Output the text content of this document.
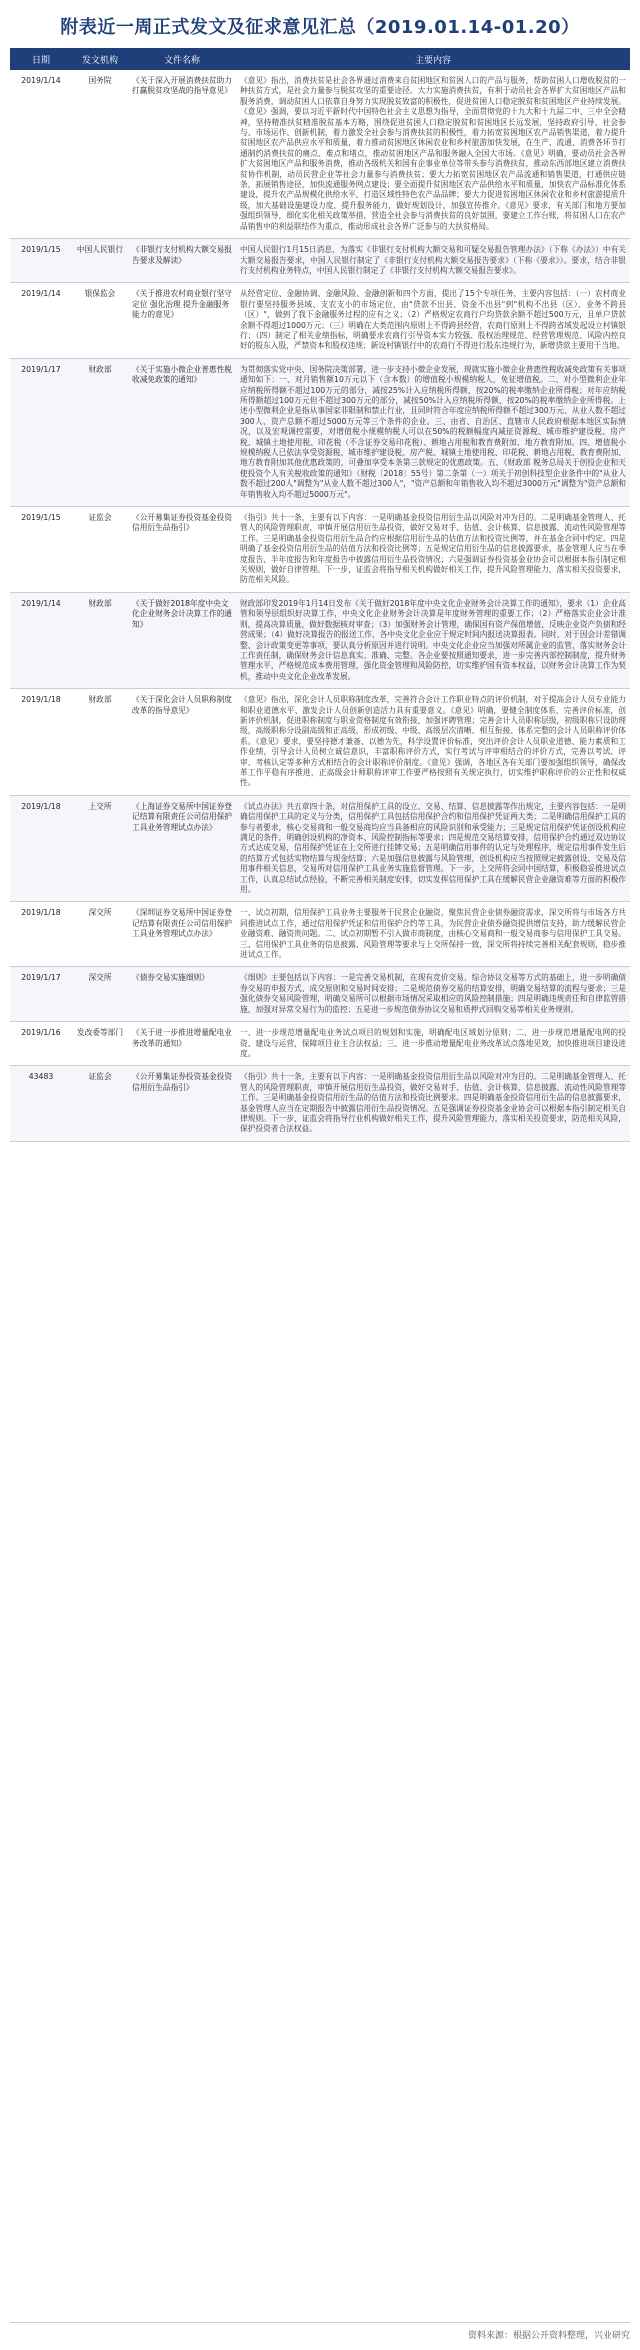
附表近一周正式发文及征求意见汇总（2019.01.14-01.20）
日期	发文机构	文件名称	主要内容
2019/1/14	国务院	《关于深入开展消费扶贫助力打赢脱贫攻坚战的指导意见》	《意见》指出，消费扶贫是社会各界通过消费来自贫困地区和贫困人口的产品与服务，帮助贫困人口增收脱贫的一种扶贫方式，是社会力量参与脱贫攻坚的重要途径。大力实施消费扶贫，有利于动员社会各界扩大贫困地区产品和服务消费，调动贫困人口依靠自身努力实现脱贫致富的积极性，促进贫困人口稳定脱贫和贫困地区产业持续发展。《意见》强调，要以习近平新时代中国特色社会主义思想为指导，全面贯彻党的十九大和十九届二中、三中全会精神，坚持精准扶贫精准脱贫基本方略，围绕促进贫困人口稳定脱贫和贫困地区长远发展，坚持政府引导、社会参与、市场运作、创新机制，着力激发全社会参与消费扶贫的积极性，着力拓宽贫困地区农产品销售渠道，着力提升贫困地区农产品供应水平和质量，着力推动贫困地区休闲农业和乡村旅游加快发展，在生产、流通、消费各环节打通制约消费扶贫的痛点、难点和堵点，推动贫困地区产品和服务融入全国大市场。《意见》明确，要动员社会各界扩大贫困地区产品和服务消费，推动各级机关和国有企事业单位等带头参与消费扶贫，推动东西部地区建立消费扶贫协作机制，动员民营企业等社会力量参与消费扶贫；要大力拓宽贫困地区农产品流通和销售渠道，打通供应链条，拓展销售途径，加快流通服务网点建设；要全面提升贫困地区农产品供给水平和质量，加快农产品标准化体系建设，提升农产品规模化供给水平，打造区域性特色农产品品牌；要大力促进贫困地区休闲农业和乡村旅游提质升级，加大基础设施建设力度，提升服务能力，做好规划设计，加强宣传推介。《意见》要求，有关部门和地方要加强组织领导，细化实化相关政策举措，营造全社会参与消费扶贫的良好氛围，要建立工作台账，将贫困人口在农产品销售中的利益联结作为重点，推动形成社会各界广泛参与的大扶贫格局。
2019/1/15	中国人民银行	《非银行支付机构大额交易报告要求及解读》	中国人民银行1月15日消息，为落实《非银行支付机构大额交易和可疑交易报告管理办法》（下称《办法》）中有关大额交易报告要求，中国人民银行制定了《非银行支付机构大额交易报告要求》（下称《要求》）。要求，结合非银行支付机构业务特点，中国人民银行制定了《非银行支付机构大额交易报告要求》。
2019/1/14	银保监会	《关于推进农村商业银行坚守定位 强化治理 提升金融服务能力的意见》	从经营定位、金融协调、金融风险、金融创新和四个方面，提出了15个专项任务，主要内容包括：（一）农村商业银行要坚持服务县域、支农支小的市场定位，由"贷款不出县、资金不出县"到"机构不出县（区）、业务不跨县（区）"，做到了我下金融服务过程的应有之义；（2）严格规定农商行户均贷款余额不超过500万元，且单户贷款余额不得超过1000万元；（三）明确在大类范围内原则上不得跨县经营，农商行原则上不得跨省域发起设立村镇银行；（四）制定了相关业绩指标，明确要求农商行引导资本实力较强、股权治理规范、经营管理规范、风险内控良好的股东入股，严禁资本和股权违规；新设村镇银行中的农商行不得进行股东违规行为，新增贷款主要用于当地。
2019/1/17	财政部	《关于实施小微企业普惠性税收减免政策的通知》	为贯彻落实党中央、国务院决策部署，进一步支持小微企业发展，现就实施小微企业普惠性税收减免政策有关事项通知如下：一、对月销售额10万元以下（含本数）的增值税小规模纳税人，免征增值税。二、对小型微利企业年应纳税所得额不超过100万元的部分，减按25%计入应纳税所得额，按20%的税率缴纳企业所得税；对年应纳税所得额超过100万元但不超过300万元的部分，减按50%计入应纳税所得额，按20%的税率缴纳企业所得税。上述小型微利企业是指从事国家非限制和禁止行业，且同时符合年度应纳税所得额不超过300万元、从业人数不超过300人、资产总额不超过5000万元等三个条件的企业。三、由省、自治区、直辖市人民政府根据本地区实际情况，以及宏观调控需要，对增值税小规模纳税人可以在50%的税额幅度内减征资源税、城市维护建设税、房产税、城镇土地使用税、印花税（不含证券交易印花税）、耕地占用税和教育费附加、地方教育附加。四、增值税小规模纳税人已依法享受资源税、城市维护建设税、房产税、城镇土地使用税、印花税、耕地占用税、教育费附加、地方教育附加其他优惠政策的，可叠加享受本条第三款规定的优惠政策。五、《财政部 税务总局关于创投企业和天使投资个人有关税收政策的通知》（财税〔2018〕55号）第二条第（一）项关于初创科技型企业条件中的"从业人数不超过200人"调整为"从业人数不超过300人"，"资产总额和年销售收入均不超过3000万元"调整为"资产总额和年销售收入均不超过5000万元"。
2019/1/15	证监会	《公开募集证券投资基金投资信用衍生品指引》	《指引》共十一条，主要有以下内容：一是明确基金投资信用衍生品以风险对冲为目的。二是明确基金管理人、托管人的风险管理职责，审慎开展信用衍生品投资，做好交易对手、估值、会计核算、信息披露、流动性风险管理等工作。三是明确基金投资信用衍生品合约应根据信用衍生品的估值方法和投资比例等，并在基金合同中约定。四是明确了基金投资信用衍生品的估值方法和投资比例等；五是规定信用衍生品的信息披露要求，基金管理人应当在季度报告、半年度报告和年度报告中披露信用衍生品投资情况；六是强调证券投资基金业协会可以根据本指引制定相关规则，做好自律管理。下一步，证监会将指导相关机构做好相关工作，提升风险管理能力，落实相关投资要求，防范相关风险。
2019/1/14	财政部	《关于做好2018年度中央文化企业财务会计决算工作的通知》	财政部印发2019年1月14日发布《关于做好2018年度中央文化企业财务会计决算工作的通知》，要求（1）企业高管和领导层组织好决算工作，中央文化企业财务会计决算是年度财务管理的重要工作；（2）严格落实企业会计准则，提高决算质量，做好数据核对审查；（3）加强财务会计管理，确保国有资产保值增值，反映企业资产负债和经营成果；（4）做好决算报告的报送工作，各中央文化企业应于规定时间内报送决算报表。同时，对于因会计差错调整、会计政策变更等事项，要认真分析原因并进行说明。中央文化企业应当加强对所属企业的监管，落实财务会计工作责任制，确保财务会计信息真实、准确、完整。各企业要按照通知要求，进一步完善内部控制制度，提升财务管理水平，严格规范成本费用管理，强化资金管理和风险防控，切实维护国有资本权益，以财务会计决算工作为契机，推动中央文化企业改革发展。
2019/1/18	财政部	《关于深化会计人员职称制度改革的指导意见》	《意见》指出，深化会计人员职称制度改革，完善符合会计工作职业特点的评价机制，对于提高会计人员专业能力和职业道德水平、激发会计人员创新创造活力具有重要意义。《意见》明确，要健全制度体系，完善评价标准，创新评价机制，促进职称制度与职业资格制度有效衔接，加强评聘管理；完善会计人员职称层级，初级职称只设助理级，高级职称分设副高级和正高级，形成初级、中级、高级层次清晰、相互衔接、体系完整的会计人员职称评价体系。《意见》要求，要坚持德才兼备、以德为先，科学设置评价标准，突出评价会计人员职业道德、能力素质和工作业绩，引导会计人员树立诚信意识，丰富职称评价方式，实行考试与评审相结合的评价方式，完善以考试、评审、考核认定等多种方式相结合的会计职称评价制度。《意见》强调，各地区各有关部门要加强组织领导，确保改革工作平稳有序推进，正高级会计师职称评审工作要严格按照有关规定执行，切实维护职称评价的公正性和权威性。
2019/1/18	上交所	《上海证券交易所中国证券登记结算有限责任公司信用保护工具业务管理试点办法》	《试点办法》共五章四十条，对信用保护工具的设立、交易、结算、信息披露等作出规定，主要内容包括：一是明确信用保护工具的定义与分类，信用保护工具包括信用保护合约和信用保护凭证两大类；二是明确信用保护工具的参与者要求，核心交易商和一般交易商均应当具备相应的风险识别和承受能力；三是规定信用保护凭证创设机构应满足的条件，明确创设机构的净资本、风险控制指标等要求；四是规范交易结算安排，信用保护合约通过双边协议方式达成交易，信用保护凭证在上交所进行挂牌交易；五是明确信用事件的认定与处理程序，规定信用事件发生后的结算方式包括实物结算与现金结算；六是加强信息披露与风险管理，创设机构应当按照规定披露创设、交易及信用事件相关信息，交易所对信用保护工具业务实施监督管理。下一步，上交所将会同中国结算，积极稳妥推进试点工作，认真总结试点经验，不断完善相关制度安排，切实发挥信用保护工具在缓解民营企业融资难等方面的积极作用。
2019/1/18	深交所	《深圳证券交易所中国证券登记结算有限责任公司信用保护工具业务管理试点办法》	一、试点初期，信用保护工具业务主要服务于民营企业融资，聚焦民营企业债券融资需求，深交所将与市场各方共同推进试点工作，通过信用保护凭证和信用保护合约等工具，为民营企业债券融资提供增信支持，助力缓解民营企业融资难、融资贵问题。二、试点初期暂不引入做市商制度，由核心交易商和一般交易商参与信用保护工具交易。三、信用保护工具业务的信息披露、风险管理等要求与上交所保持一致，深交所将持续完善相关配套规则，稳步推进试点工作。
2019/1/17	深交所	《债券交易实施细则》	《细则》主要包括以下内容：一是完善交易机制，在现有竞价交易、综合协议交易等方式的基础上，进一步明确债券交易的申报方式、成交原则和交易时间安排；二是规范债券交易的结算安排，明确交易结算的流程与要求；三是强化债券交易风险管理，明确交易所可以根据市场情况采取相应的风险控制措施；四是明确违规责任和自律监管措施，加强对异常交易行为的监控；五是进一步规范债券协议交易和质押式回购交易等相关业务规则。
2019/1/16	发改委等部门	《关于进一步推进增量配电业务改革的通知》	一、进一步规范增量配电业务试点项目的规划和实施，明确配电区域划分原则；二、进一步规范增量配电网的投资、建设与运营，保障项目业主合法权益；三、进一步推动增量配电业务改革试点落地见效，加快推进项目建设进度。
43483	证监会	《公开募集证券投资基金投资信用衍生品指引》	《指引》共十一条，主要有以下内容：一是明确基金投资信用衍生品以风险对冲为目的。二是明确基金管理人、托管人的风险管理职责，审慎开展信用衍生品投资，做好交易对手、估值、会计核算、信息披露、流动性风险管理等工作。三是明确基金投资信用衍生品的估值方法和投资比例要求。四是明确基金投资信用衍生品的信息披露要求，基金管理人应当在定期报告中披露信用衍生品投资情况。五是强调证券投资基金业协会可以根据本指引制定相关自律规则。下一步，证监会将指导行业机构做好相关工作，提升风险管理能力，落实相关投资要求，防范相关风险，保护投资者合法权益。
资料来源：根据公开资料整理，兴业研究
